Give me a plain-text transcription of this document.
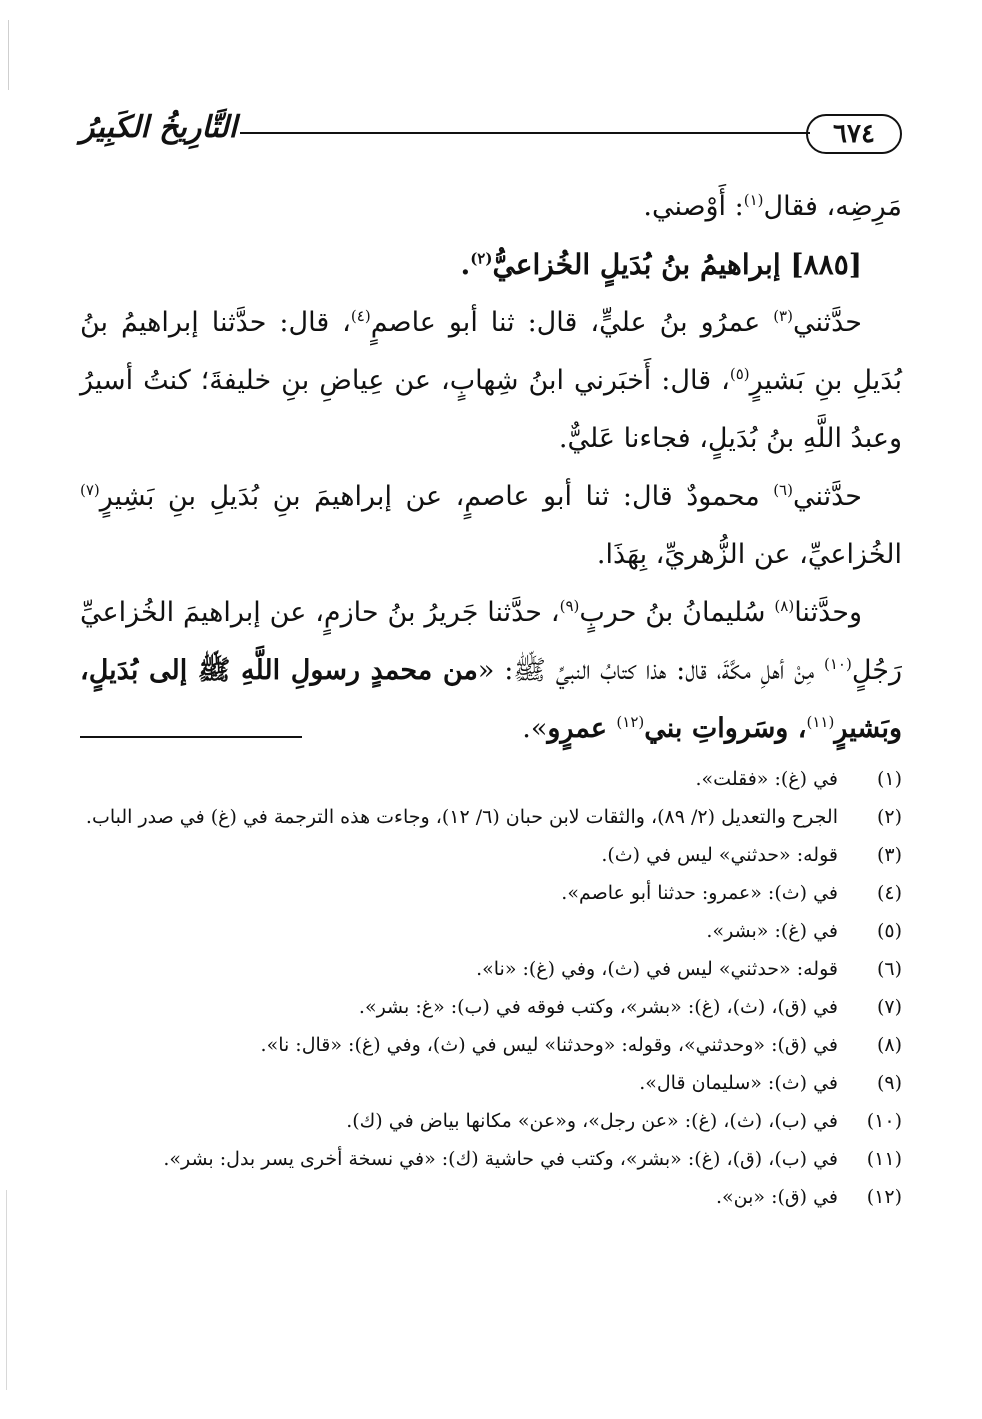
٦٧٤
التَّارِيخُ الكَبِيرُ

مَرِضِه، فقال$^{(١)}$: أَوْصني.

[٨٨٥] إبراهيمُ بنُ بُدَيلٍ الخُزاعيُّ$^{(٢)}$.

حدَّثني$^{(٣)}$ عمرُو بنُ عليٍّ، قال: ثنا أبو عاصمٍ$^{(٤)}$، قال: حدَّثنا إبراهيمُ بنُ بُدَيلِ بنِ بَشيرٍ$^{(٥)}$، قال: أَخبَرني ابنُ شِهابٍ، عن عِياضِ بنِ خليفةَ؛ كنتُ أسيرُ وعبدُ اللَّهِ بنُ بُدَيلٍ، فجاءنا عَليٌّ.

حدَّثني$^{(٦)}$ محمودٌ قال: ثنا أبو عاصمٍ، عن إبراهيمَ بنِ بُدَيلِ بنِ بَشِيرٍ$^{(٧)}$ الخُزاعيِّ، عن الزُّهريِّ، بِهَذَا.

وحدَّثنا$^{(٨)}$ سُليمانُ بنُ حربٍ$^{(٩)}$، حدَّثنا جَريرُ بنُ حازمٍ، عن إبراهيمَ الخُزاعيِّ رَجُلٍ$^{(١٠)}$ مِنْ أهلِ مكَّةَ، قال: هذا كتابُ النبيِّ ﷺ: «من محمدٍ رسولِ اللَّهِ ﷺ إلى بُدَيلٍ، وبَشيرٍ$^{(١١)}$، وسَرواتِ بني$^{(١٢)}$ عمرٍو».

(١)
في (غ): «فقلت».
(٢)
الجرح والتعديل (٢/ ٨٩)، والثقات لابن حبان (٦/ ١٢)، وجاءت هذه الترجمة في (غ) في صدر الباب.
(٣)
قوله: «حدثني» ليس في (ث).
(٤)
في (ث): «عمرو: حدثنا أبو عاصم».
(٥)
في (غ): «بشر».
(٦)
قوله: «حدثني» ليس في (ث)، وفي (غ): «نا».
(٧)
في (ق)، (ث)، (غ): «بشر»، وكتب فوقه في (ب): «غ: بشر».
(٨)
في (ق): «وحدثني»، وقوله: «وحدثنا» ليس في (ث)، وفي (غ): «قال: نا».
(٩)
في (ث): «سليمان قال».
(١٠)
في (ب)، (ث)، (غ): «عن رجل»، و«عن» مكانها بياض في (ك).
(١١)
في (ب)، (ق)، (غ): «بشر»، وكتب في حاشية (ك): «في نسخة أخرى يسر بدل: بشر».
(١٢)
في (ق): «بن».
